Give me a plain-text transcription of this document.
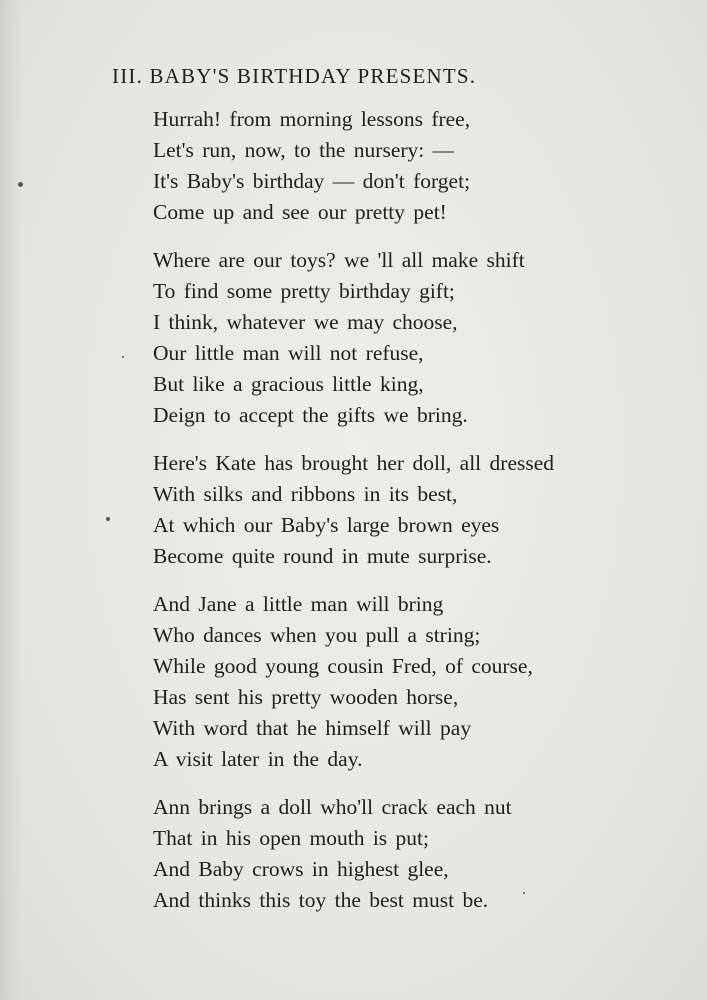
III. BABY'S BIRTHDAY PRESENTS.
Hurrah! from morning lessons free,
Let's run, now, to the nursery: —
It's Baby's birthday — don't forget;
Come up and see our pretty pet!
Where are our toys? we 'll all make shift
To find some pretty birthday gift;
I think, whatever we may choose,
Our little man will not refuse,
But like a gracious little king,
Deign to accept the gifts we bring.
Here's Kate has brought her doll, all dressed
With silks and ribbons in its best,
At which our Baby's large brown eyes
Become quite round in mute surprise.
And Jane a little man will bring
Who dances when you pull a string;
While good young cousin Fred, of course,
Has sent his pretty wooden horse,
With word that he himself will pay
A visit later in the day.
Ann brings a doll who'll crack each nut
That in his open mouth is put;
And Baby crows in highest glee,
And thinks this toy the best must be.
